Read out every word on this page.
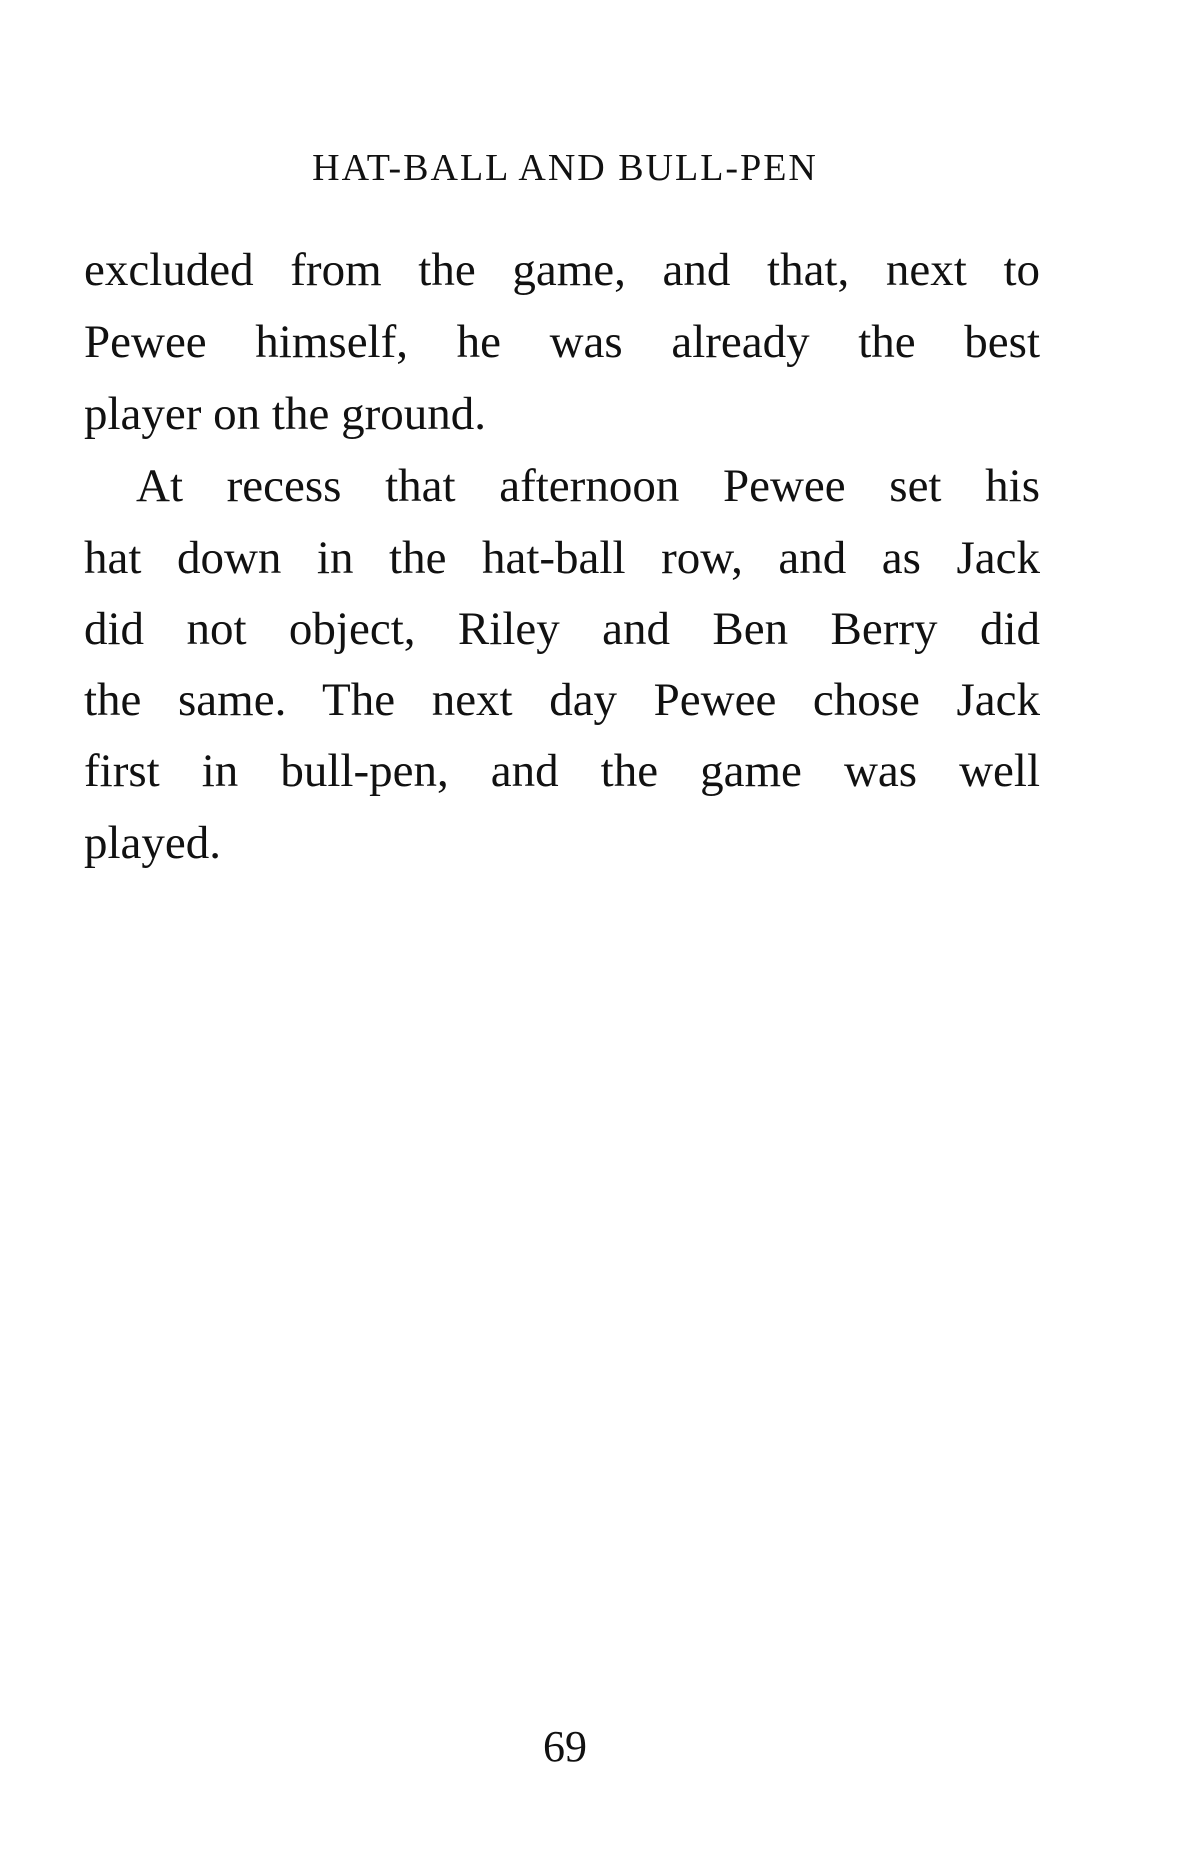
HAT-BALL AND BULL-PEN
excluded from the game, and that, next to
Pewee himself, he was already the best
player on the ground.
At recess that afternoon Pewee set his
hat down in the hat-ball row, and as Jack
did not object, Riley and Ben Berry did
the same. The next day Pewee chose Jack
first in bull-pen, and the game was well
played.
69
